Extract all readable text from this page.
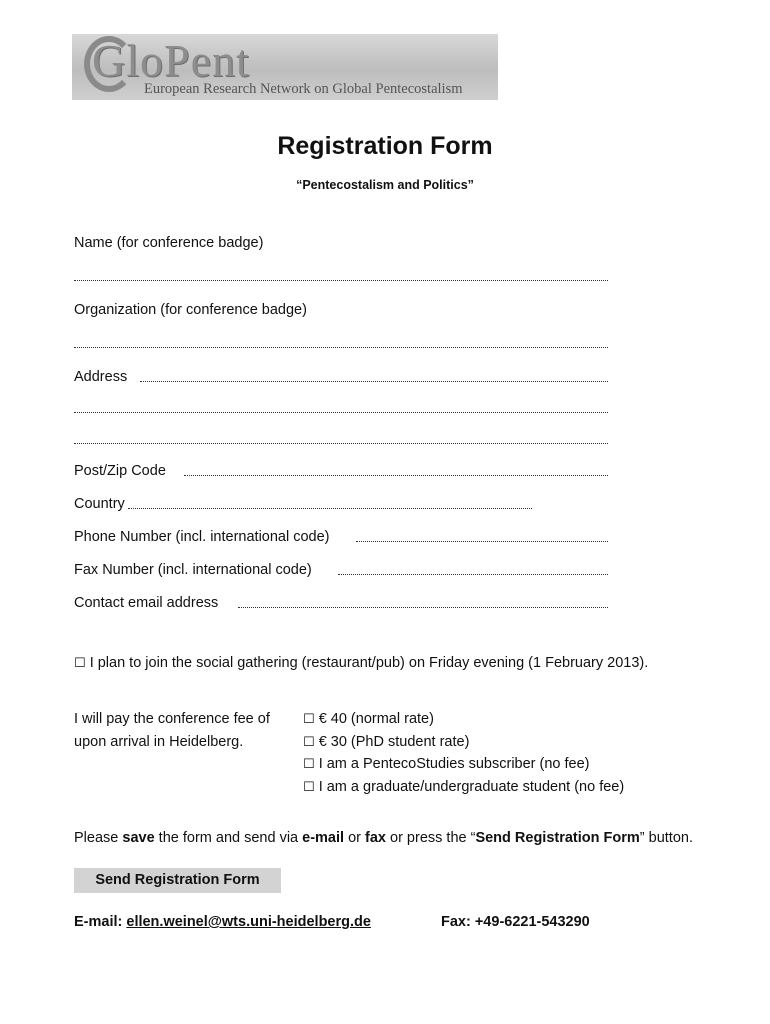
GloPent
European Research Network on Global Pentecostalism
Registration Form
“Pentecostalism and Politics”
Name (for conference badge)
Organization (for conference badge)
Address
Post/Zip Code
Country
Phone Number (incl. international code)
Fax Number (incl. international code)
Contact email address
☐ I plan to join the social gathering (restaurant/pub) on Friday evening (1 February 2013).
I will pay the conference fee of
upon arrival in Heidelberg.
☐ € 40 (normal rate)
☐ € 30 (PhD student rate)
☐ I am a PentecoStudies subscriber (no fee)
☐ I am a graduate/undergraduate student (no fee)
Please save the form and send via e-mail or fax or press the “Send Registration Form” button.
Send Registration Form
E-mail: ellen.weinel@wts.uni-heidelberg.de	Fax: +49-6221-543290
